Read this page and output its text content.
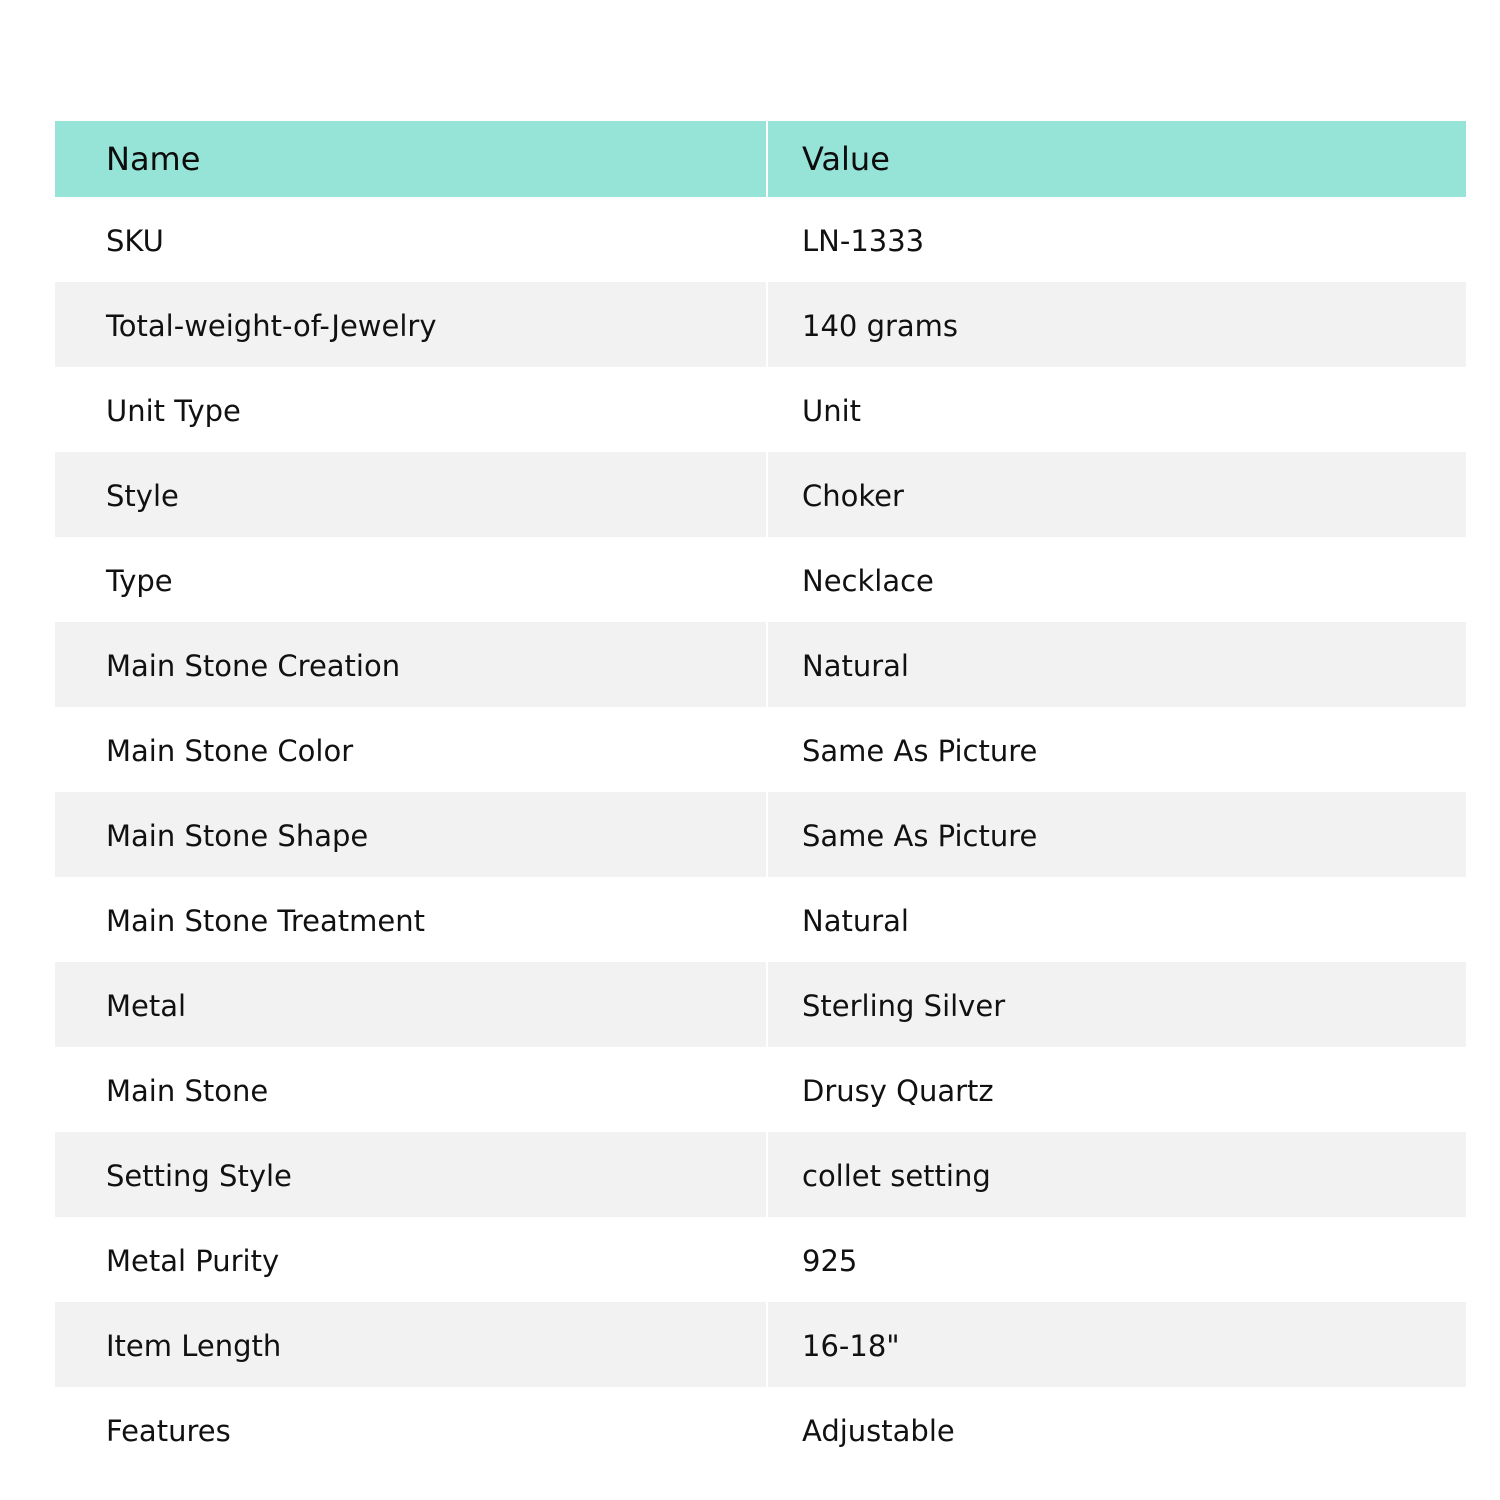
Name	Value
SKU	LN-1333
Total-weight-of-Jewelry	140 grams
Unit Type	Unit
Style	Choker
Type	Necklace
Main Stone Creation	Natural
Main Stone Color	Same As Picture
Main Stone Shape	Same As Picture
Main Stone Treatment	Natural
Metal	Sterling Silver
Main Stone	Drusy Quartz
Setting Style	collet setting
Metal Purity	925
Item Length	16-18"
Features	Adjustable
